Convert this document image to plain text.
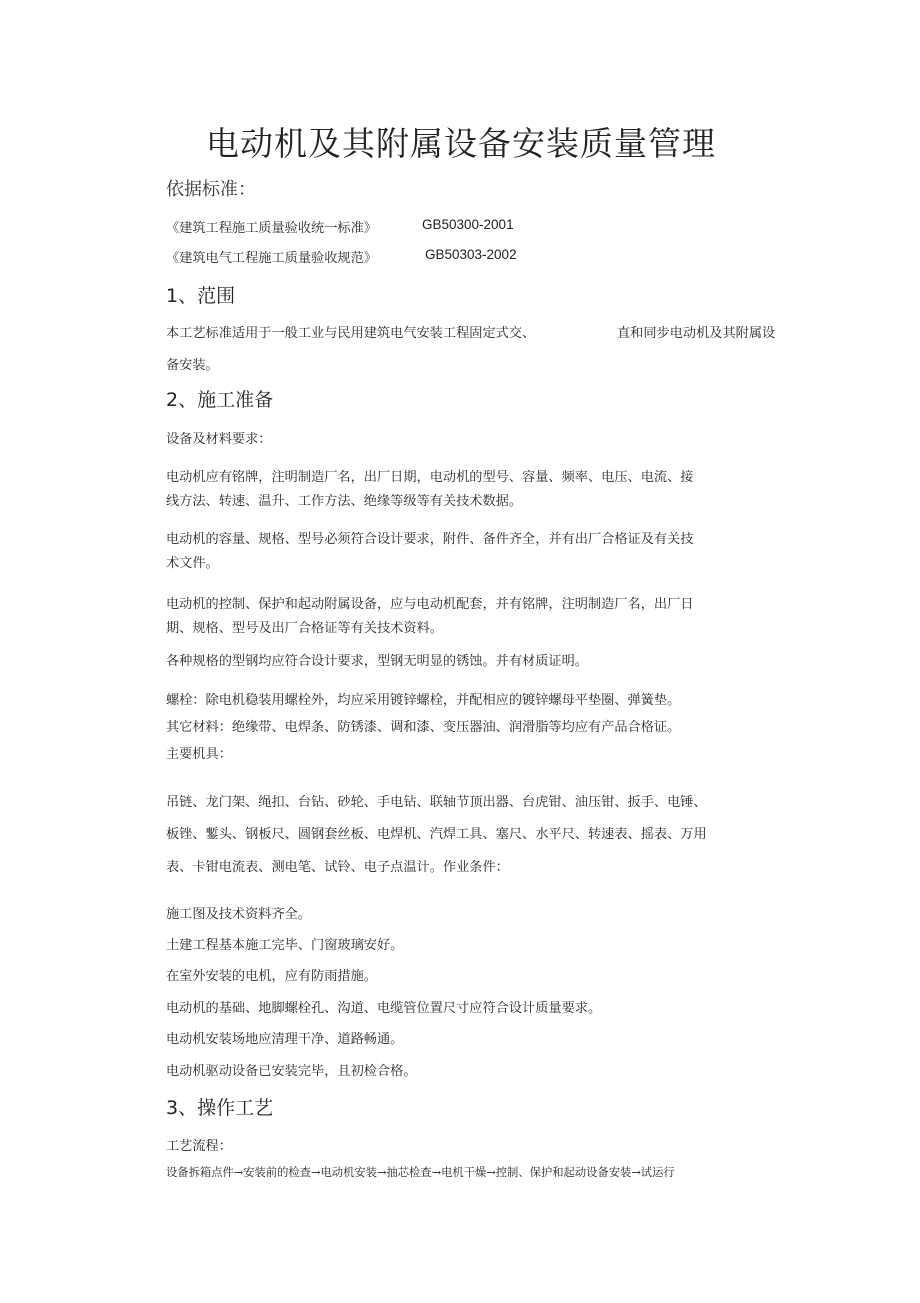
电动机及其附属设备安装质量管理
依据标准：
《建筑工程施工质量验收统一标准》	GB50300-2001
《建筑电气工程施工质量验收规范》	GB50303-2002
1、范围
本工艺标准适用于一般工业与民用建筑电气安装工程固定式交、	直和同步电动机及其附属设
备安装。
2、施工准备
设备及材料要求：
电动机应有铭牌，注明制造厂名，出厂日期，电动机的型号、容量、频率、电压、电流、接
线方法、转速、温升、工作方法、绝缘等级等有关技术数据。
电动机的容量、规格、型号必须符合设计要求，附件、备件齐全，并有出厂合格证及有关技
术文件。
电动机的控制、保护和起动附属设备，应与电动机配套，并有铭牌，注明制造厂名，出厂日
期、规格、型号及出厂合格证等有关技术资料。
各种规格的型钢均应符合设计要求，型钢无明显的锈蚀。并有材质证明。
螺栓：除电机稳装用螺栓外，均应采用镀锌螺栓，并配相应的镀锌螺母平垫圈、弹簧垫。
其它材料：绝缘带、电焊条、防锈漆、调和漆、变压器油、润滑脂等均应有产品合格证。
主要机具：
吊链、龙门架、绳扣、台钻、砂轮、手电钻、联轴节顶出器、台虎钳、油压钳、扳手、电锤、
板锉、鏨头、钢板尺、圆钢套丝板、电焊机、汽焊工具、塞尺、水平尺、转速表、摇表、万用
表、卡钳电流表、测电笔、试铃、电子点温计。作业条件：
施工图及技术资料齐全。
土建工程基本施工完毕、门窗玻璃安好。
在室外安装的电机，应有防雨措施。
电动机的基础、地脚螺栓孔、沟道、电缆管位置尺寸应符合设计质量要求。
电动机安装场地应清理干净、道路畅通。
电动机驱动设备已安装完毕，且初检合格。
3、操作工艺
工艺流程：
设备拆箱点件→安装前的检查→电动机安装→抽芯检查→电机干燥→控制、保护和起动设备安装→试运行
